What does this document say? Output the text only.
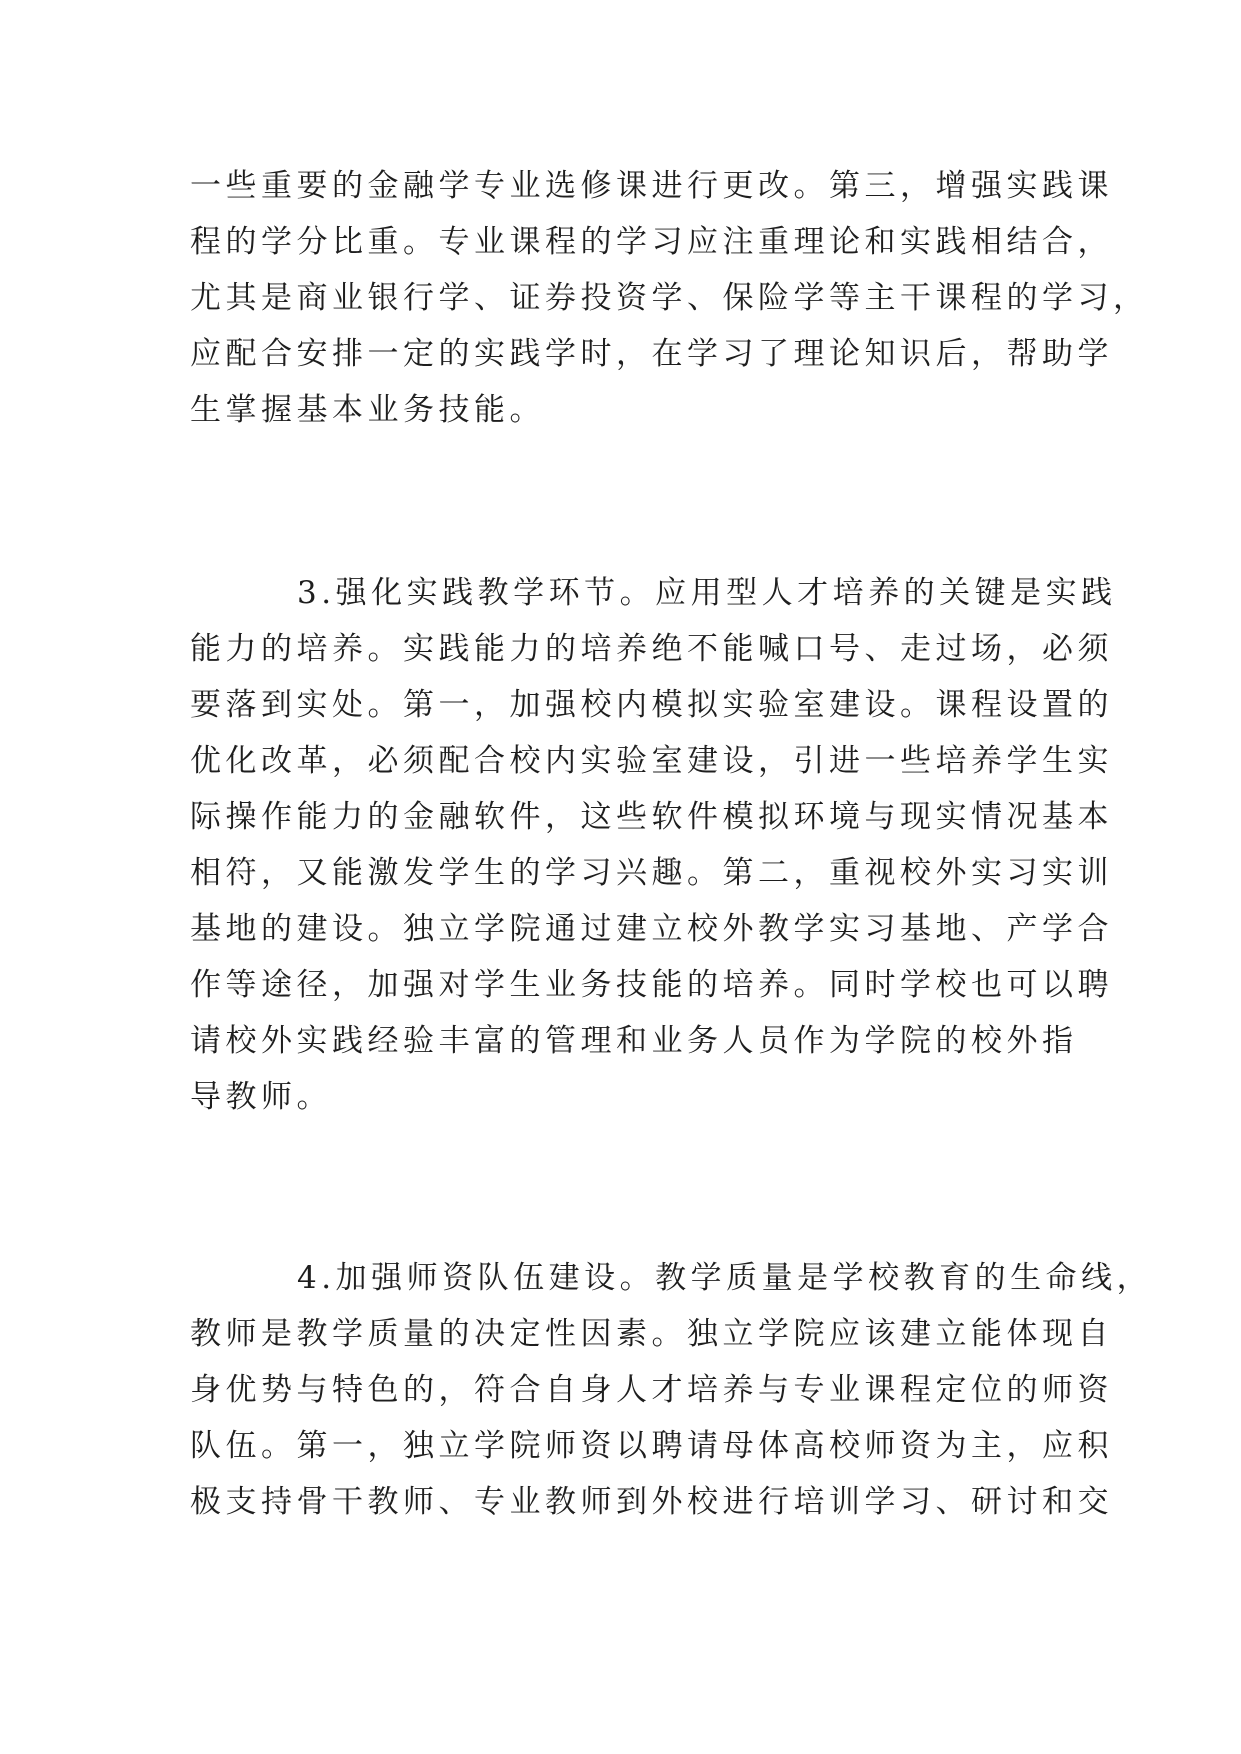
一些重要的金融学专业选修课进行更改。第三，增强实践课
程的学分比重。专业课程的学习应注重理论和实践相结合，
尤其是商业银行学、证券投资学、保险学等主干课程的学习，
应配合安排一定的实践学时，在学习了理论知识后，帮助学
生掌握基本业务技能。
3.强化实践教学环节。应用型人才培养的关键是实践
能力的培养。实践能力的培养绝不能喊口号、走过场，必须
要落到实处。第一，加强校内模拟实验室建设。课程设置的
优化改革，必须配合校内实验室建设，引进一些培养学生实
际操作能力的金融软件，这些软件模拟环境与现实情况基本
相符，又能激发学生的学习兴趣。第二，重视校外实习实训
基地的建设。独立学院通过建立校外教学实习基地、产学合
作等途径，加强对学生业务技能的培养。同时学校也可以聘
请校外实践经验丰富的管理和业务人员作为学院的校外指
导教师。
4.加强师资队伍建设。教学质量是学校教育的生命线，
教师是教学质量的决定性因素。独立学院应该建立能体现自
身优势与特色的，符合自身人才培养与专业课程定位的师资
队伍。第一，独立学院师资以聘请母体高校师资为主，应积
极支持骨干教师、专业教师到外校进行培训学习、研讨和交
